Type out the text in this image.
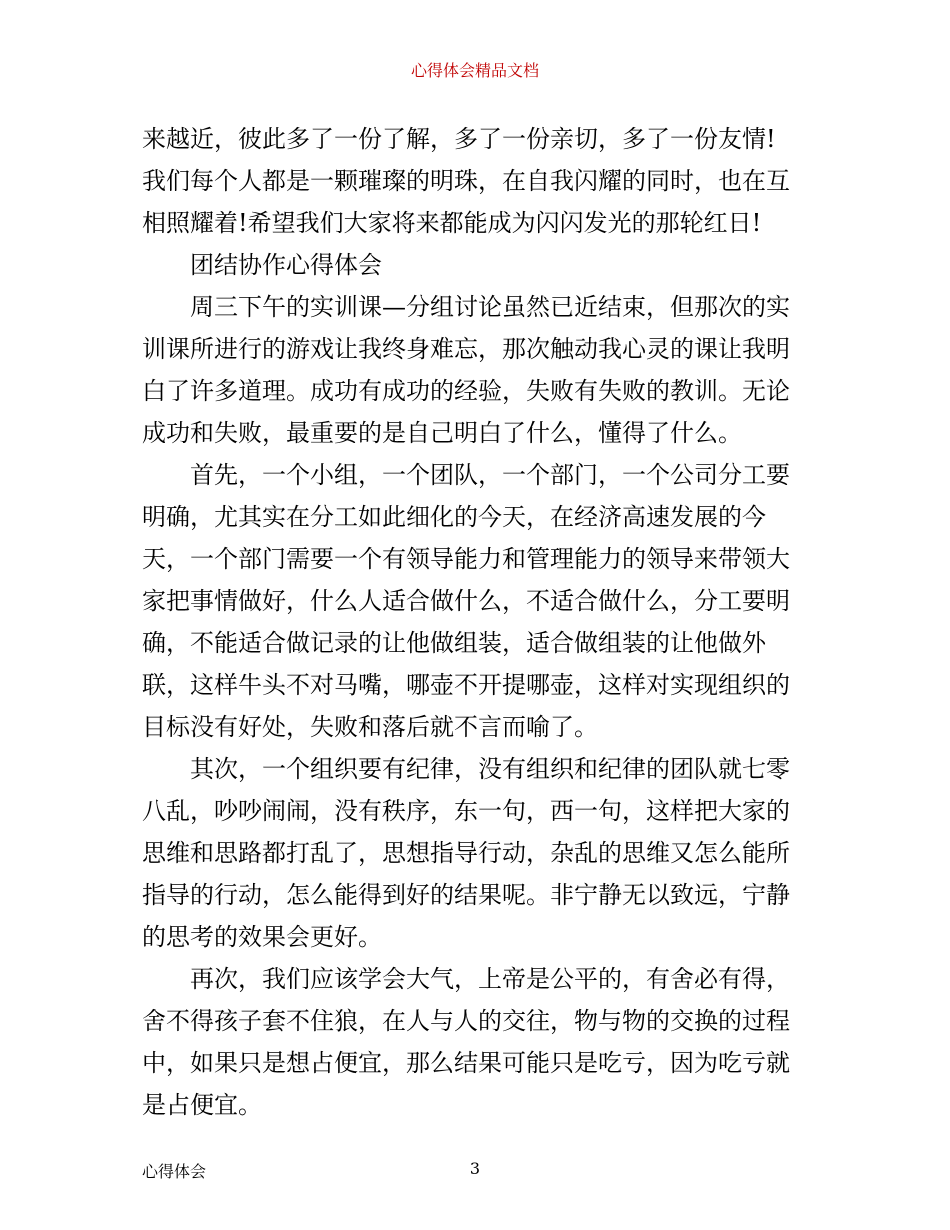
心得体会精品文档
来越近，彼此多了一份了解，多了一份亲切，多了一份友情!
我们每个人都是一颗璀璨的明珠，在自我闪耀的同时，也在互
相照耀着!希望我们大家将来都能成为闪闪发光的那轮红日!
团结协作心得体会
周三下午的实训课—分组讨论虽然已近结束，但那次的实
训课所进行的游戏让我终身难忘，那次触动我心灵的课让我明
白了许多道理。成功有成功的经验，失败有失败的教训。无论
成功和失败，最重要的是自己明白了什么，懂得了什么。
首先，一个小组，一个团队，一个部门，一个公司分工要
明确，尤其实在分工如此细化的今天，在经济高速发展的今
天，一个部门需要一个有领导能力和管理能力的领导来带领大
家把事情做好，什么人适合做什么，不适合做什么，分工要明
确，不能适合做记录的让他做组装，适合做组装的让他做外
联，这样牛头不对马嘴，哪壶不开提哪壶，这样对实现组织的
目标没有好处，失败和落后就不言而喻了。
其次，一个组织要有纪律，没有组织和纪律的团队就七零
八乱，吵吵闹闹，没有秩序，东一句，西一句，这样把大家的
思维和思路都打乱了，思想指导行动，杂乱的思维又怎么能所
指导的行动，怎么能得到好的结果呢。非宁静无以致远，宁静
的思考的效果会更好。
再次，我们应该学会大气，上帝是公平的，有舍必有得，
舍不得孩子套不住狼，在人与人的交往，物与物的交换的过程
中，如果只是想占便宜，那么结果可能只是吃亏，因为吃亏就
是占便宜。
心得体会	3
